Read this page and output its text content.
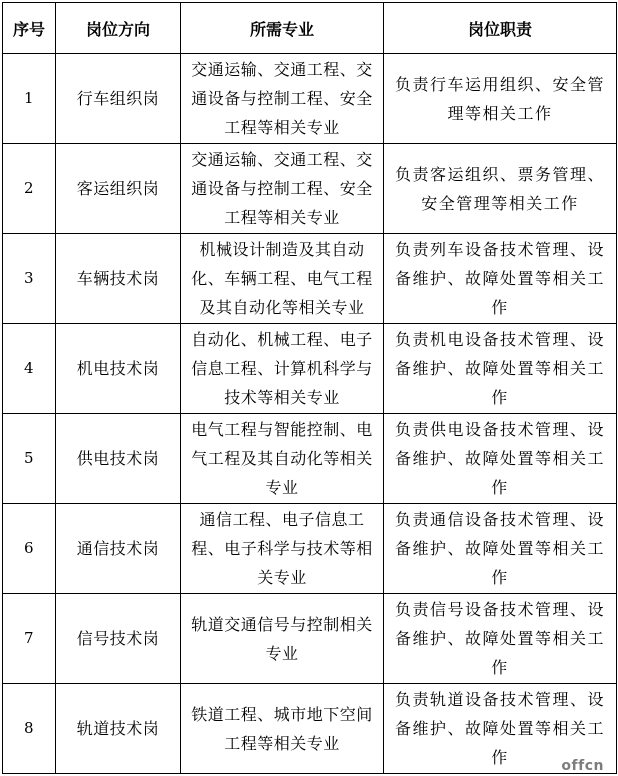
序号	岗位方向	所需专业	岗位职责
1	行车组织岗	交通运输、交通工程、交通设备与控制工程、安全工程等相关专业	负责行车运用组织、安全管理等相关工作
2	客运组织岗	交通运输、交通工程、交通设备与控制工程、安全工程等相关专业	负责客运组织、票务管理、安全管理等相关工作
3	车辆技术岗	机械设计制造及其自动化、车辆工程、电气工程及其自动化等相关专业	负责列车设备技术管理、设备维护、故障处置等相关工作
4	机电技术岗	自动化、机械工程、电子信息工程、计算机科学与技术等相关专业	负责机电设备技术管理、设备维护、故障处置等相关工作
5	供电技术岗	电气工程与智能控制、电气工程及其自动化等相关专业	负责供电设备技术管理、设备维护、故障处置等相关工作
6	通信技术岗	通信工程、电子信息工程、电子科学与技术等相关专业	负责通信设备技术管理、设备维护、故障处置等相关工作
7	信号技术岗	轨道交通信号与控制相关专业	负责信号设备技术管理、设备维护、故障处置等相关工作
8	轨道技术岗	铁道工程、城市地下空间工程等相关专业	负责轨道设备技术管理、设备维护、故障处置等相关工作	offcn
